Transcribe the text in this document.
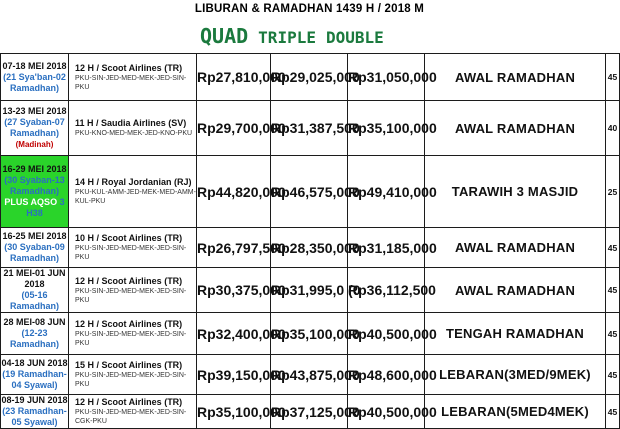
LIBURAN & RAMADHAN 1439 H / 2018 M
QUAD TRIPLE DOUBLE
07-18 MEI 2018
(21 Sya'ban-02 Ramadhan)	12 H / Scoot Airlines (TR)
PKU-SIN-JED-MED-MEK-JED-SIN-PKU	Rp27,810,000	Rp29,025,000	Rp31,050,000	AWAL RAMADHAN	45

13-23 MEI 2018
(27 Syaban-07 Ramadhan)
(Madinah)	11 H / Saudia Airlines (SV)
PKU-KNO-MED-MEK-JED-KNO-PKU	Rp29,700,000	Rp31,387,500	Rp35,100,000	AWAL RAMADHAN	40

16-29 MEI 2018
(30 Syaban-13 Ramadhan) PLUS AQSO 3 H38	14 H / Royal Jordanian (RJ)
PKU-KUL-AMM-JED-MEK-MED-AMM-KUL-PKU	Rp44,820,000	Rp46,575,000	Rp49,410,000	TARAWIH 3 MASJID	25

16-25 MEI 2018
(30 Syaban-09 Ramadhan)	10 H / Scoot Airlines (TR)
PKU-SIN-JED-MED-MEK-JED-SIN-PKU	Rp26,797,500	Rp28,350,000	Rp31,185,000	AWAL RAMADHAN	45

21 MEI-01 JUN 2018
(05-16 Ramadhan)	12 H / Scoot Airlines (TR)
PKU-SIN-JED-MED-MEK-JED-SIN-PKU	Rp30,375,000	Rp31,995,0 (0	Rp36,112,500	AWAL RAMADHAN	45

28 MEI-08 JUN
(12-23 Ramadhan)	12 H / Scoot Airlines (TR)
PKU-SIN-JED-MED-MEK-JED-SIN-PKU	Rp32,400,000	Rp35,100,000	Rp40,500,000	TENGAH RAMADHAN	45

04-18 JUN 2018
(19 Ramadhan-04 Syawal)	15 H / Scoot Airlines (TR)
PKU-SIN-JED-MED-MEK-JED-SIN-PKU	Rp39,150,000	Rp43,875,000	Rp48,600,000	LEBARAN(3MED/9MEK)	45

08-19 JUN 2018
(23 Ramadhan-05 Syawal)	12 H / Scoot Airlines (TR)
PKU-SIN-JED-MED-MEK-JED-SIN-CGK-PKU	Rp35,100,000	Rp37,125,000	Rp40,500,000	LEBARAN(5MED4MEK)	45
